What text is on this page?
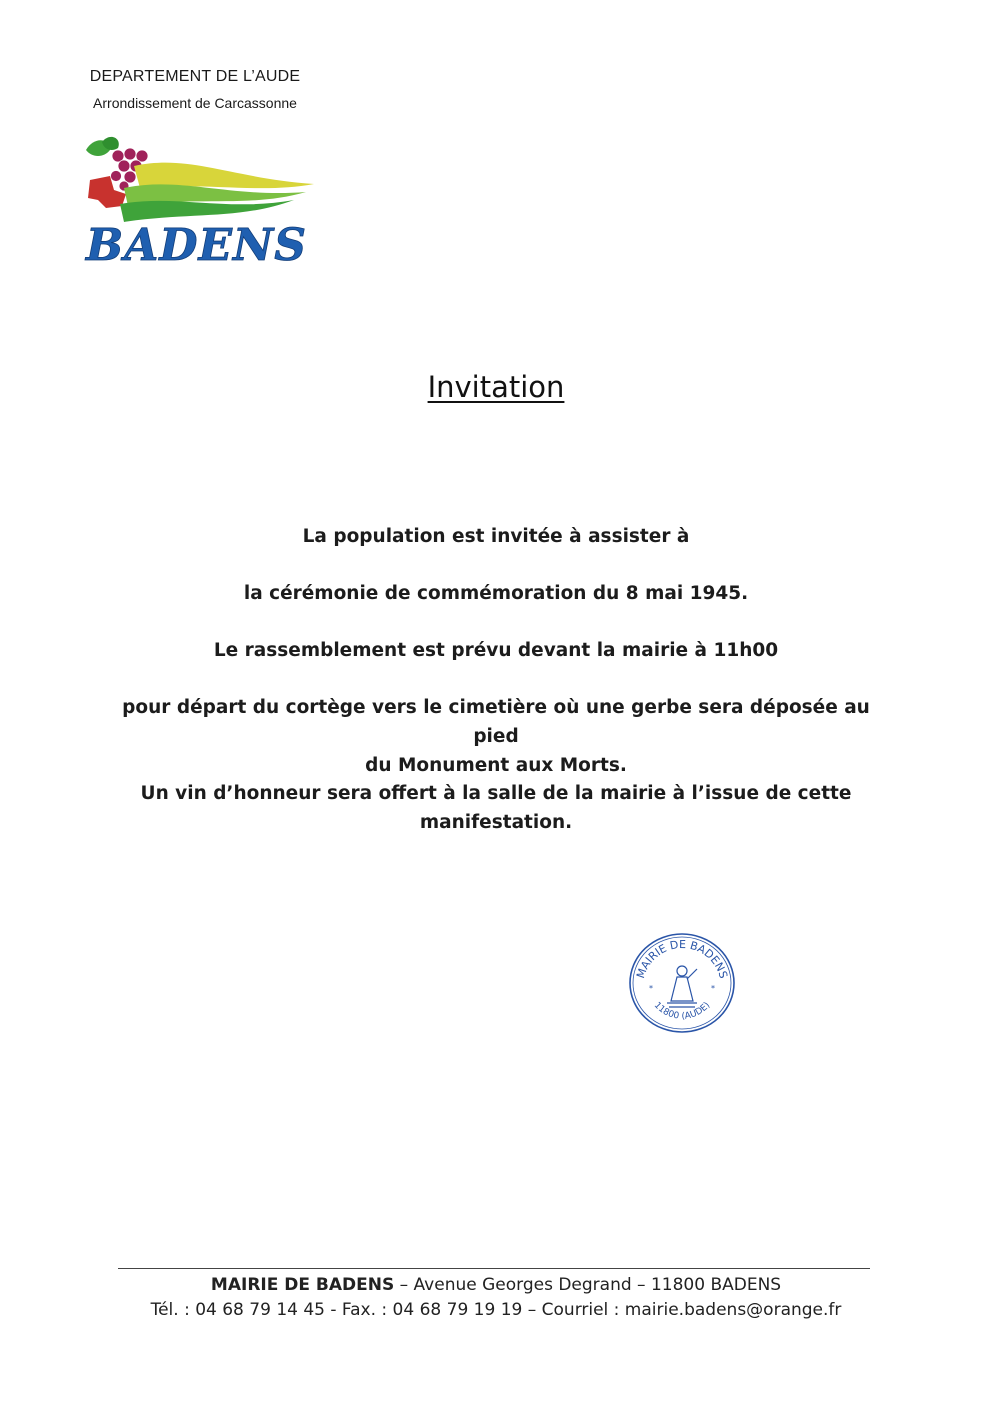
DEPARTEMENT DE L’AUDE
Arrondissement de Carcassonne
BADENS
Invitation
La population est invitée à assister à
la cérémonie de commémoration du 8 mai 1945.
Le rassemblement est prévu devant la mairie à 11h00
pour départ du cortège vers le cimetière où une gerbe sera déposée au pied
du Monument aux Morts.
Un vin d’honneur sera offert à la salle de la mairie à l’issue de cette
manifestation.
MAIRIE DE BADENS
11800 (AUDE)
*	*
MAIRIE DE BADENS – Avenue Georges Degrand – 11800 BADENS
Tél. : 04 68 79 14 45 - Fax. : 04 68 79 19 19 – Courriel : mairie.badens@orange.fr
